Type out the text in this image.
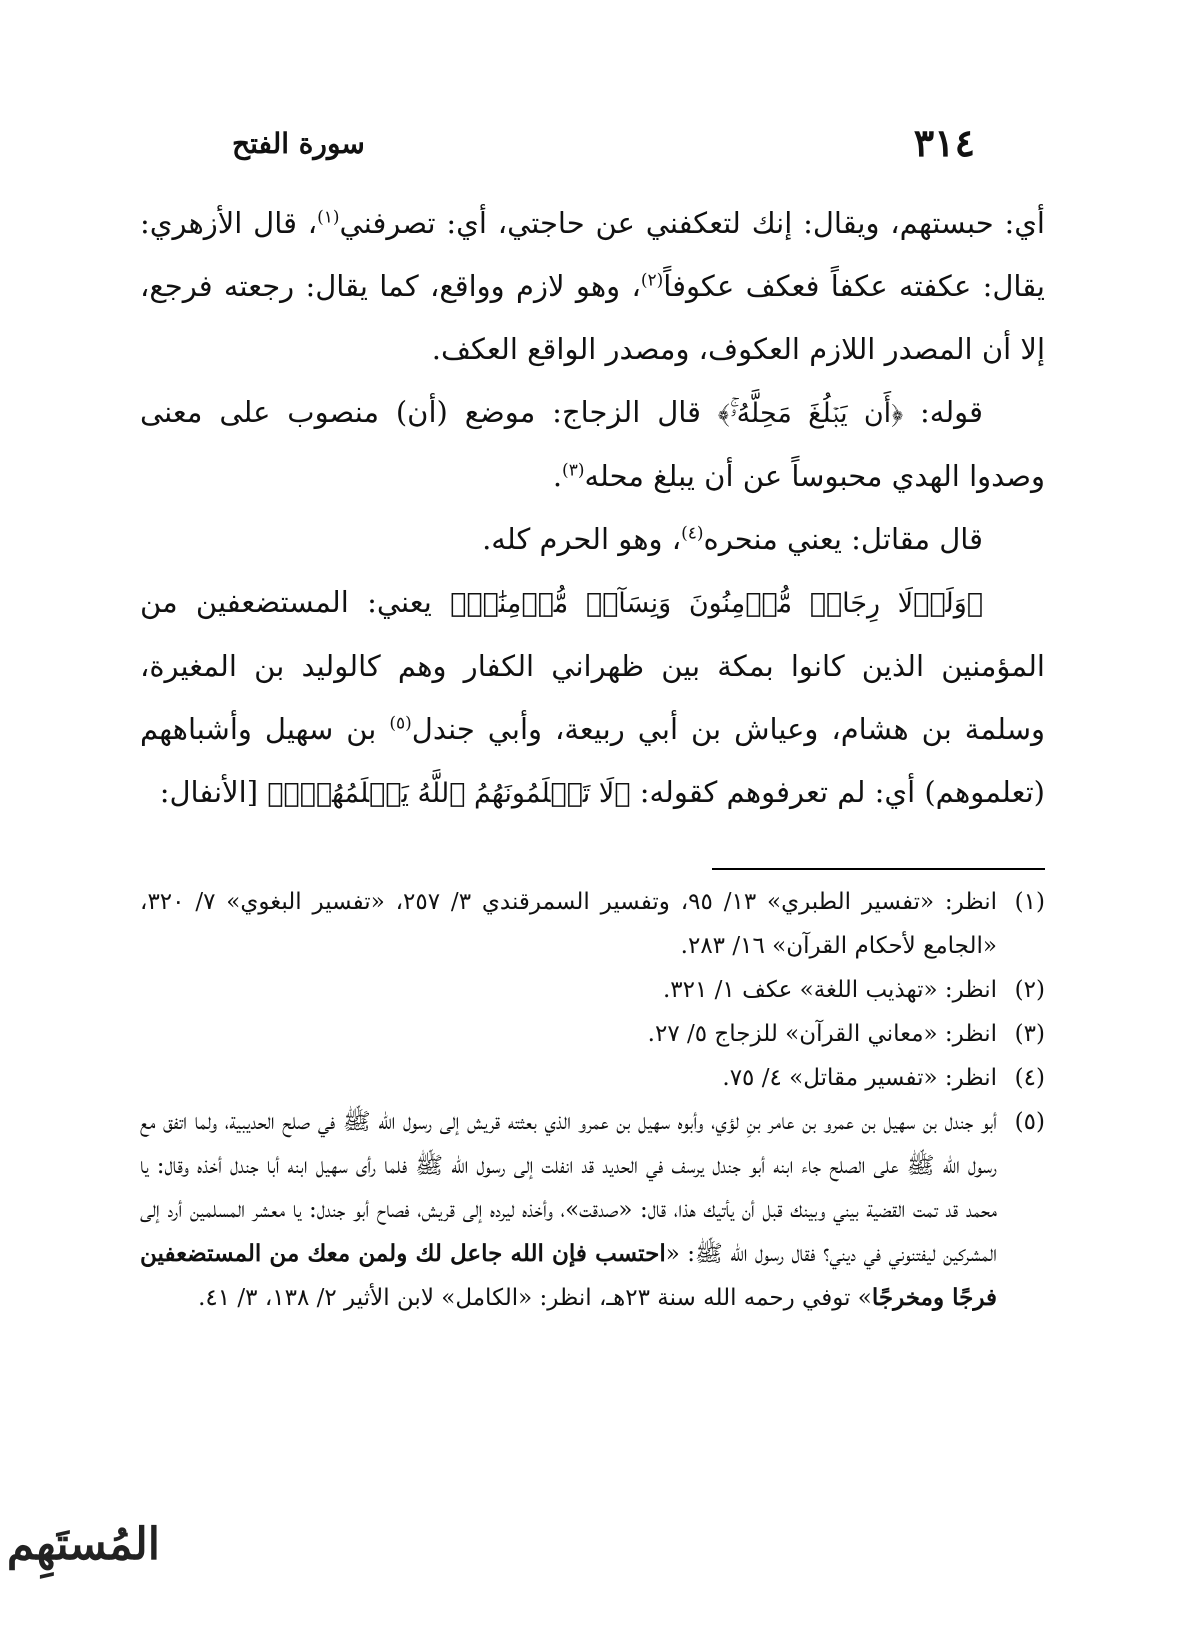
٣١٤
سورة الفتح

أي: حبستهم، ويقال: إنك لتعكفني عن حاجتي، أي: تصرفني$^{(١)}$، قال الأزهري: يقال: عكفته عكفاً فعكف عكوفاً$^{(٢)}$، وهو لازم وواقع، كما يقال: رجعته فرجع، إلا أن المصدر اللازم العكوف، ومصدر الواقع العكف.

قوله: ﴿أَن يَبۡلُغَ مَحِلَّهُۥۚ﴾ قال الزجاج: موضع (أن) منصوب على معنى وصدوا الهدي محبوساً عن أن يبلغ محله$^{(٣)}$.

قال مقاتل: يعني منحره$^{(٤)}$، وهو الحرم كله.

﴿وَلَوۡلَا رِجَالٞ مُّؤۡمِنُونَ وَنِسَآءٞ مُّؤۡمِنَٰتٞ﴾ يعني: المستضعفين من المؤمنين الذين كانوا بمكة بين ظهراني الكفار وهم كالوليد بن المغيرة، وسلمة بن هشام، وعياش بن أبي ربيعة، وأبي جندل$^{(٥)}$ بن سهيل وأشباههم (تعلموهم) أي: لم تعرفوهم كقوله: ﴿لَا تَعۡلَمُونَهُمُ ٱللَّهُ يَعۡلَمُهُمۡۚ﴾ [الأنفال:

(١)
انظر: «تفسير الطبري» ١٣/ ٩٥، وتفسير السمرقندي ٣/ ٢٥٧، «تفسير البغوي» ٧/ ٣٢٠، «الجامع لأحكام القرآن» ١٦/ ٢٨٣.
(٢)
انظر: «تهذيب اللغة» عكف ١/ ٣٢١.
(٣)
انظر: «معاني القرآن» للزجاج ٥/ ٢٧.
(٤)
انظر: «تفسير مقاتل» ٤/ ٧٥.
(٥)
أبو جندل بن سهيل بن عمرو بن عامر بنِ لؤي، وأبوه سهيل بن عمرو الذي بعثته قريش إلى رسول الله ﷺ في صلح الحديبية، ولما اتفق مع رسول الله ﷺ على الصلح جاء ابنه أبو جندل يرسف في الحديد قد انفلت إلى رسول الله ﷺ فلما رأى سهيل ابنه أبا جندل أخذه وقال: يا محمد قد تمت القضية بيني وبينك قبل أن يأتيك هذا، قال: «صدقت»، وأخذه ليرده إلى قريش، فصاح أبو جندل: يا معشر المسلمين أرد إلى المشركين ليفتنوني في ديني؟ فقال رسول الله ﷺ: «احتسب فإن الله جاعل لك ولمن معك من المستضعفين فرجًا ومخرجًا» توفي رحمه الله سنة ٢٣هـ، انظر: «الكامل» لابن الأثير ٢/ ١٣٨، ٣/ ٤١.
المُستَهِم
